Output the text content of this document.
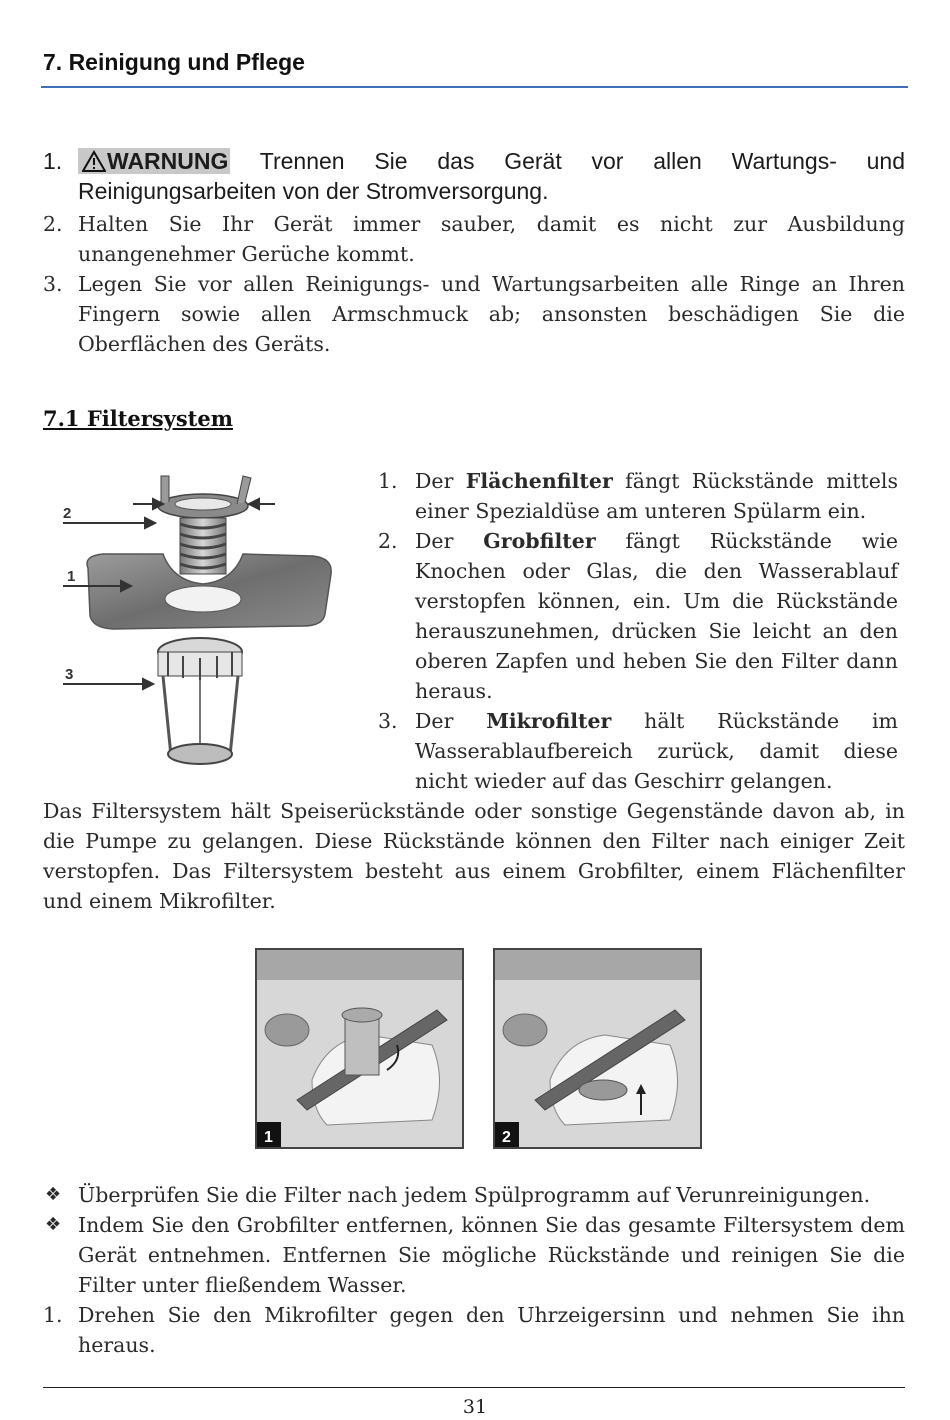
7. Reinigung und Pflege
1.	WARNUNG Trennen Sie das Gerät vor allen Wartungs- und Reinigungsarbeiten von der Stromversorgung.
2. Halten Sie Ihr Gerät immer sauber, damit es nicht zur Ausbildung unangenehmer Gerüche kommt.
3. Legen Sie vor allen Reinigungs- und Wartungsarbeiten alle Ringe an Ihren Fingern sowie allen Armschmuck ab; ansonsten beschädigen Sie die Oberflächen des Geräts.
7.1 Filtersystem
2
1
3
1. Der Flächenfilter fängt Rückstände mittels einer Spezialdüse am unteren Spülarm ein.
2. Der Grobfilter fängt Rückstände wie Knochen oder Glas, die den Wasserablauf verstopfen können, ein. Um die Rückstände herauszunehmen, drücken Sie leicht an den oberen Zapfen und heben Sie den Filter dann heraus.
3. Der Mikrofilter hält Rückstände im Wasserablaufbereich zurück, damit diese nicht wieder auf das Geschirr gelangen.
Das Filtersystem hält Speiserückstände oder sonstige Gegenstände davon ab, in die Pumpe zu gelangen. Diese Rückstände können den Filter nach einiger Zeit verstopfen. Das Filtersystem besteht aus einem Grobfilter, einem Flächenfilter und einem Mikrofilter.
1	2
❖ Überprüfen Sie die Filter nach jedem Spülprogramm auf Verunreinigungen.
❖ Indem Sie den Grobfilter entfernen, können Sie das gesamte Filtersystem dem Gerät entnehmen. Entfernen Sie mögliche Rückstände und reinigen Sie die Filter unter fließendem Wasser.
1. Drehen Sie den Mikrofilter gegen den Uhrzeigersinn und nehmen Sie ihn heraus.
31
